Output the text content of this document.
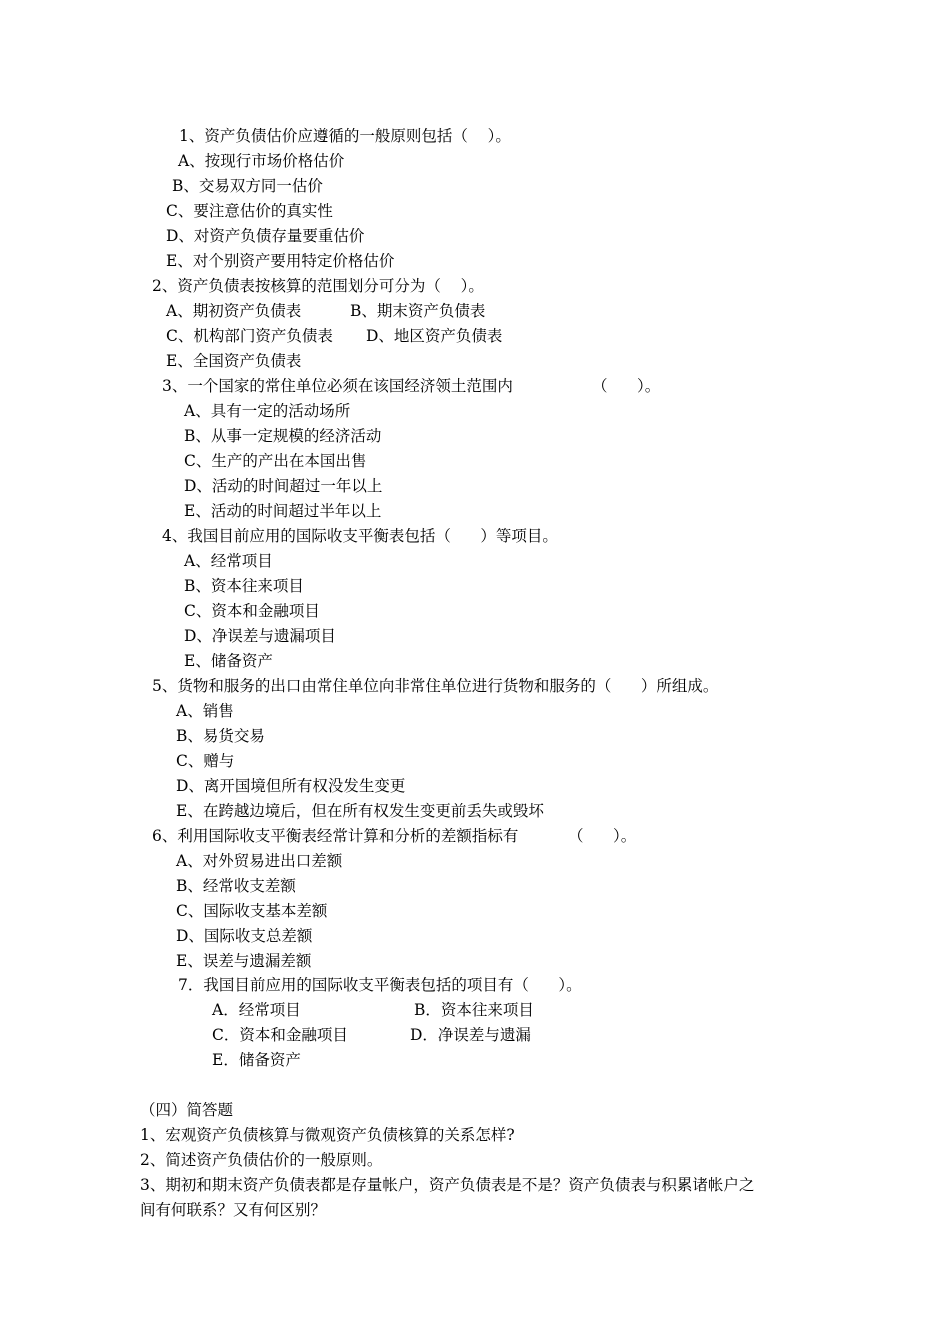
1、资产负债估价应遵循的一般原则包括（    ）。
A、按现行市场价格估价
B、交易双方同一估价
C、要注意估价的真实性
D、对资产负债存量要重估价
E、对个别资产要用特定价格估价
2、资产负债表按核算的范围划分可分为（    ）。
A、期初资产负债表	B、期末资产负债表
C、机构部门资产负债表 D、地区资产负债表
E、全国资产负债表
3、一个国家的常住单位必须在该国经济领土范围内	（      ）。
A、具有一定的活动场所
B、从事一定规模的经济活动
C、生产的产出在本国出售
D、活动的时间超过一年以上
E、活动的时间超过半年以上
4、我国目前应用的国际收支平衡表包括（      ）等项目。
A、经常项目
B、资本往来项目
C、资本和金融项目
D、净误差与遗漏项目
E、储备资产
5、货物和服务的出口由常住单位向非常住单位进行货物和服务的（      ）所组成。
A、销售
B、易货交易
C、赠与
D、离开国境但所有权没发生变更
E、在跨越边境后，但在所有权发生变更前丢失或毁坏
6、利用国际收支平衡表经常计算和分析的差额指标有	（      ）。
A、对外贸易进出口差额
B、经常收支差额
C、国际收支基本差额
D、国际收支总差额
E、误差与遗漏差额
7．我国目前应用的国际收支平衡表包括的项目有（      ）。
A．经常项目	B．资本往来项目
C．资本和金融项目	D．净误差与遗漏
E．储备资产
（四）简答题
1、宏观资产负债核算与微观资产负债核算的关系怎样?
2、简述资产负债估价的一般原则。
3、期初和期末资产负债表都是存量帐户，资产负债表是不是？资产负债表与积累诸帐户之
间有何联系？又有何区别？
